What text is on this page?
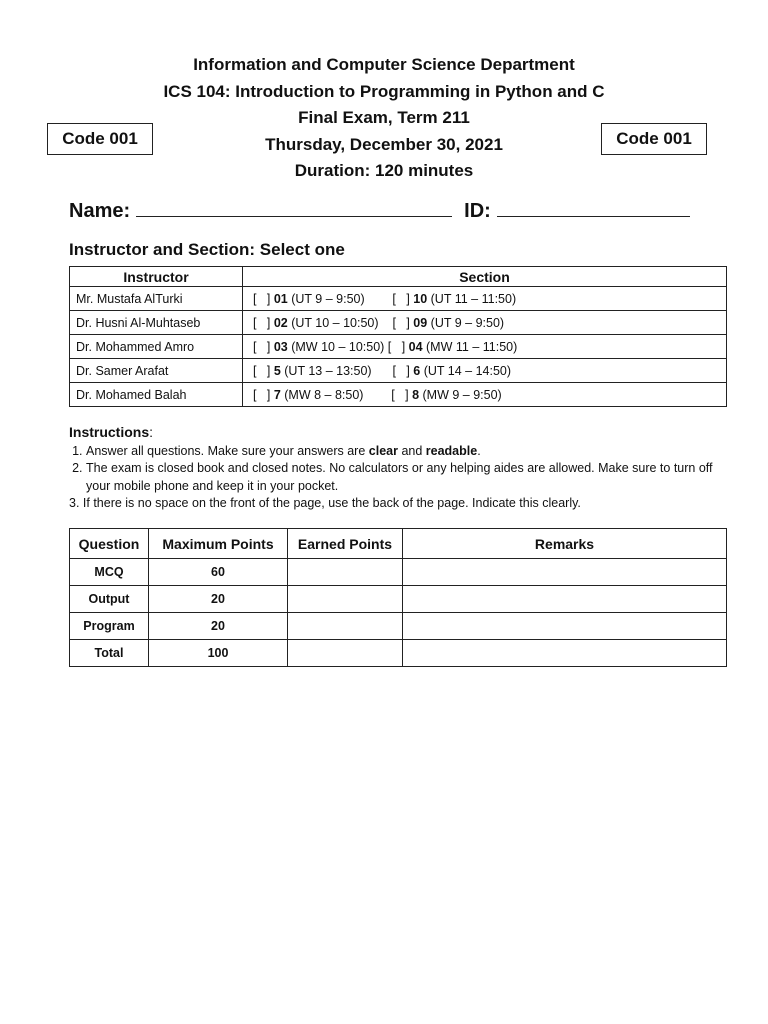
Code 001	Code 001
Information and Computer Science Department
ICS 104: Introduction to Programming in Python and C
Final Exam, Term 211
Thursday, December 30, 2021
Duration: 120 minutes
Name:	ID:
Instructor and Section: Select one
Instructor	Section
Mr. Mustafa AlTurki	[   ] 01 (UT 9 – 9:50)        [   ] 10 (UT 11 – 11:50)
Dr. Husni Al-Muhtaseb	[   ] 02 (UT 10 – 10:50)    [   ] 09 (UT 9 – 9:50)
Dr. Mohammed Amro	[   ] 03 (MW 10 – 10:50) [   ] 04 (MW 11 – 11:50)
Dr. Samer Arafat	[   ] 5 (UT 13 – 13:50)      [   ] 6 (UT 14 – 14:50)
Dr. Mohamed Balah	[   ] 7 (MW 8 – 8:50)        [   ] 8 (MW 9 – 9:50)
Instructions:
1. Answer all questions. Make sure your answers are clear and readable.
2. The exam is closed book and closed notes. No calculators or any helping aides are allowed. Make sure to turn off your mobile phone and keep it in your pocket.
3. If there is no space on the front of the page, use the back of the page. Indicate this clearly.
Question	Maximum Points	Earned Points	Remarks
MCQ	60		
Output	20		
Program	20		
Total	100		
